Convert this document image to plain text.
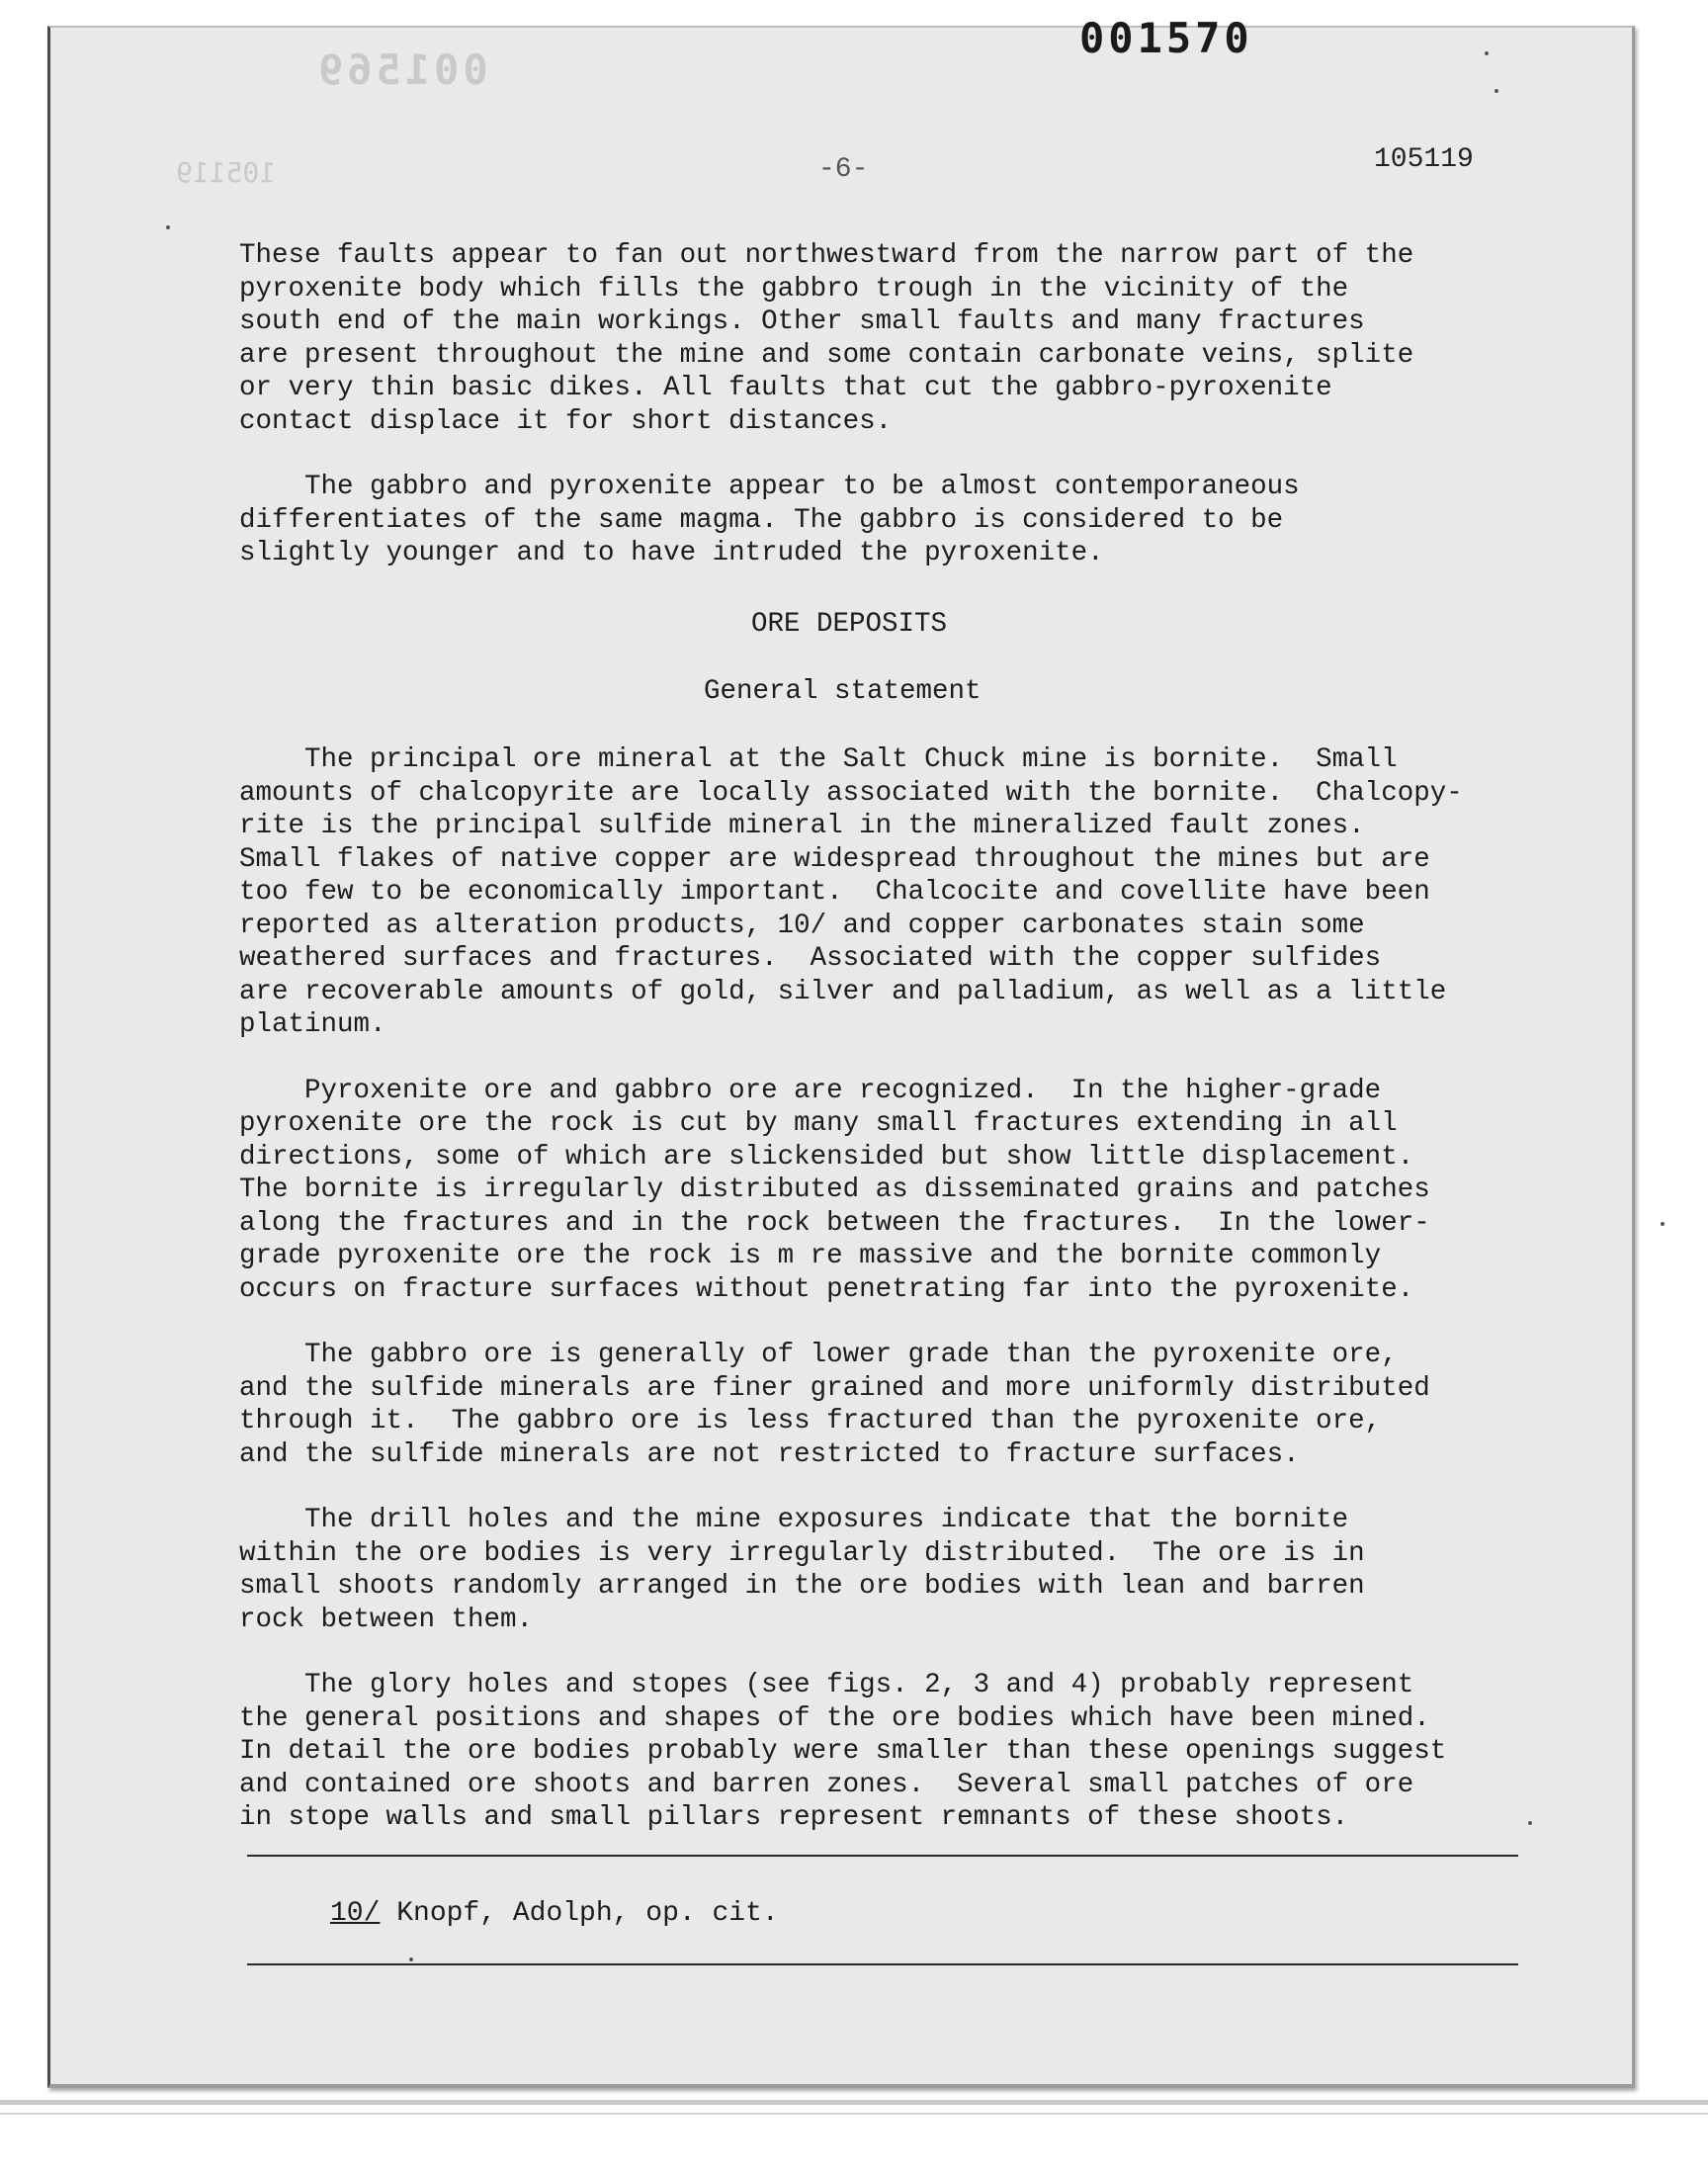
001569
105119
001570
-6-	105119
These faults appear to fan out northwestward from the narrow part of the
pyroxenite body which fills the gabbro trough in the vicinity of the
south end of the main workings. Other small faults and many fractures
are present throughout the mine and some contain carbonate veins, splite
or very thin basic dikes. All faults that cut the gabbro-pyroxenite
contact displace it for short distances.
The gabbro and pyroxenite appear to be almost contemporaneous
differentiates of the same magma. The gabbro is considered to be
slightly younger and to have intruded the pyroxenite.
ORE DEPOSITS
General statement
The principal ore mineral at the Salt Chuck mine is bornite.  Small
amounts of chalcopyrite are locally associated with the bornite.  Chalcopy-
rite is the principal sulfide mineral in the mineralized fault zones.
Small flakes of native copper are widespread throughout the mines but are
too few to be economically important.  Chalcocite and covellite have been
reported as alteration products, 10/ and copper carbonates stain some
weathered surfaces and fractures.  Associated with the copper sulfides
are recoverable amounts of gold, silver and palladium, as well as a little
platinum.
Pyroxenite ore and gabbro ore are recognized.  In the higher-grade
pyroxenite ore the rock is cut by many small fractures extending in all
directions, some of which are slickensided but show little displacement.
The bornite is irregularly distributed as disseminated grains and patches
along the fractures and in the rock between the fractures.  In the lower-
grade pyroxenite ore the rock is m re massive and the bornite commonly
occurs on fracture surfaces without penetrating far into the pyroxenite.
The gabbro ore is generally of lower grade than the pyroxenite ore,
and the sulfide minerals are finer grained and more uniformly distributed
through it.  The gabbro ore is less fractured than the pyroxenite ore,
and the sulfide minerals are not restricted to fracture surfaces.
The drill holes and the mine exposures indicate that the bornite
within the ore bodies is very irregularly distributed.  The ore is in
small shoots randomly arranged in the ore bodies with lean and barren
rock between them.
The glory holes and stopes (see figs. 2, 3 and 4) probably represent
the general positions and shapes of the ore bodies which have been mined.
In detail the ore bodies probably were smaller than these openings suggest
and contained ore shoots and barren zones.  Several small patches of ore
in stope walls and small pillars represent remnants of these shoots.
10/ Knopf, Adolph, op. cit.
